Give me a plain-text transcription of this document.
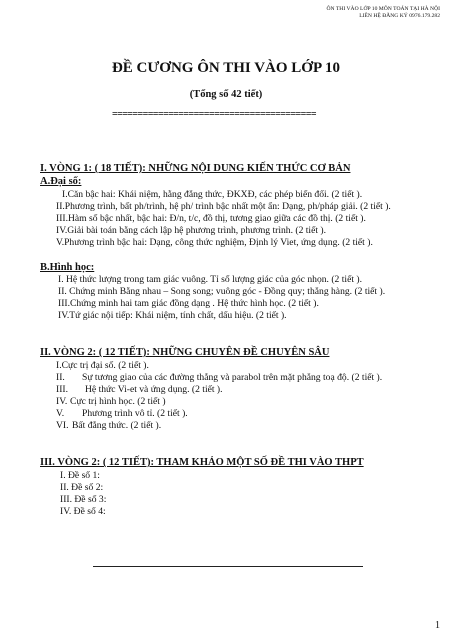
ÔN THI VÀO LỚP 10 MÔN TOÁN TẠI HÀ NỘI
LIÊN HỆ ĐĂNG KÝ 0976.179.282
ĐỀ CƯƠNG ÔN THI VÀO LỚP 10
(Tổng số 42 tiết)
========================================
I. VÒNG 1: ( 18 TIẾT): NHỮNG NỘI DUNG KIẾN THỨC CƠ BẢN
A.Đại số:
I.Căn bậc hai: Khái niệm, hằng đẳng thức, ĐKXĐ, các phép biến đổi. (2 tiết ).
II.Phương trình, bất ph/trình, hệ ph/ trình bậc nhất một ẩn: Dạng, ph/pháp giải. (2 tiết ).
III.Hàm số bậc nhất, bậc hai: Đ/n, t/c, đồ thị, tương giao giữa các đồ thị. (2 tiết ).
IV.Giải bài toán bằng cách lập hệ phương trình, phương trình. (2 tiết ).
V.Phương trình bậc hai: Dạng, công thức nghiệm, Định lý Viet, ứng dụng. (2 tiết ).
B.Hình học:
I. Hệ thức lượng trong tam giác vuông. Tỉ số lượng giác của góc nhọn. (2 tiết ).
II. Chứng minh Bằng nhau – Song song; vuông góc - Đồng quy; thẳng hàng. (2 tiết ).
III.Chứng minh hai tam giác đồng dạng . Hệ thức hình học. (2 tiết ).
IV.Tứ giác nội tiếp: Khái niệm, tính chất, dấu hiệu. (2 tiết ).
II. VÒNG 2: ( 12 TIẾT): NHỮNG CHUYÊN ĐỀ CHUYÊN SÂU
I.Cực trị đại số. (2 tiết ).
II. Sự tương giao của các đường thẳng và parabol trên mặt phẳng toạ độ. (2 tiết ).
III. Hệ thức Vi-et và ứng dụng. (2 tiết ).
IV. Cực trị hình học. (2 tiết )
V. Phương trình vô tỉ. (2 tiết ).
VI. Bất đẳng thức. (2 tiết ).
III. VÒNG 2: ( 12 TIẾT): THAM KHẢO MỘT SỐ ĐỀ THI VÀO THPT
I. Đề số 1:
II. Đề số 2:
III. Đề số 3:
IV. Đề số 4:
1
